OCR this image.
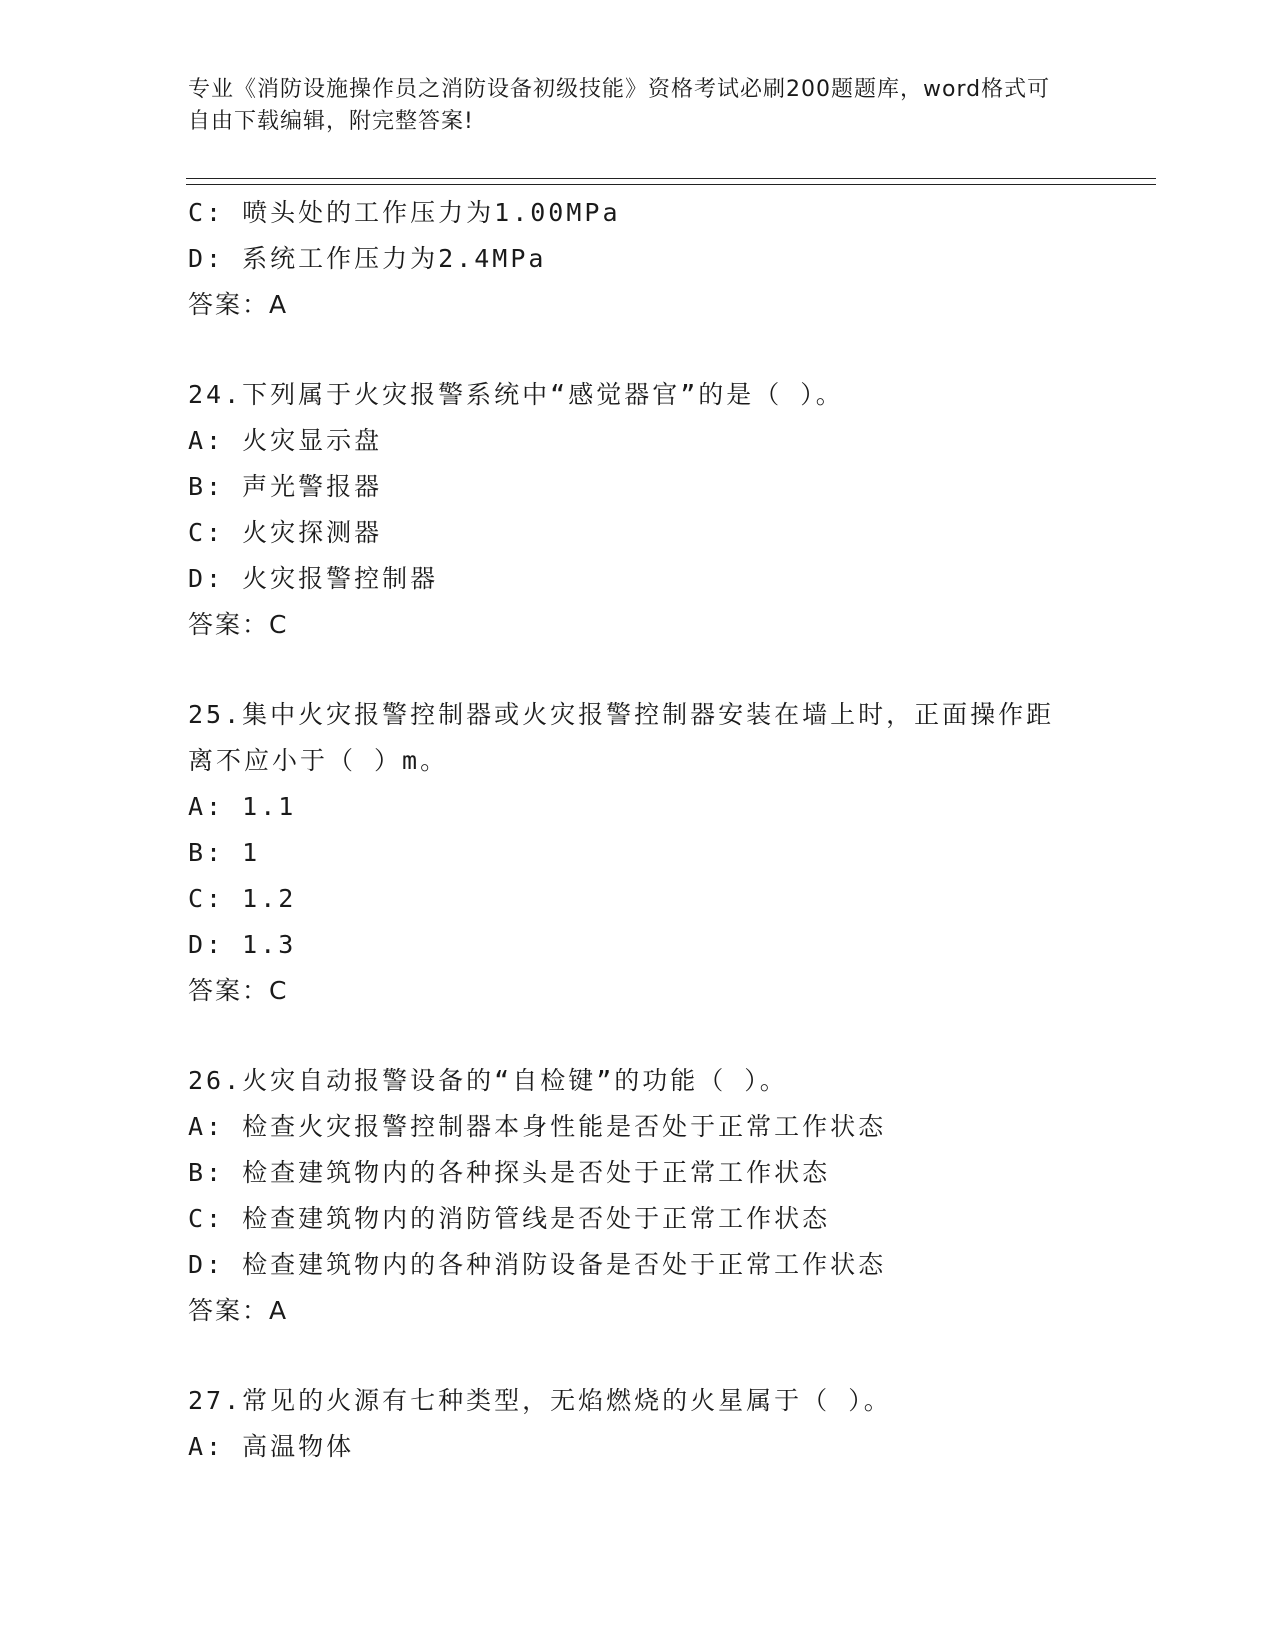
专业《消防设施操作员之消防设备初级技能》资格考试必刷200题题库，word格式可自由下载编辑，附完整答案!
C: 喷头处的工作压力为1.00MPa
D: 系统工作压力为2.4MPa
答案：A
24.下列属于火灾报警系统中“感觉器官”的是（ ）。
A: 火灾显示盘
B: 声光警报器
C: 火灾探测器
D: 火灾报警控制器
答案：C
25.集中火灾报警控制器或火灾报警控制器安装在墙上时，正面操作距
离不应小于（ ）m。
A: 1.1
B: 1
C: 1.2
D: 1.3
答案：C
26.火灾自动报警设备的“自检键”的功能（ ）。
A: 检查火灾报警控制器本身性能是否处于正常工作状态
B: 检查建筑物内的各种探头是否处于正常工作状态
C: 检查建筑物内的消防管线是否处于正常工作状态
D: 检查建筑物内的各种消防设备是否处于正常工作状态
答案：A
27.常见的火源有七种类型，无焰燃烧的火星属于（ ）。
A: 高温物体
